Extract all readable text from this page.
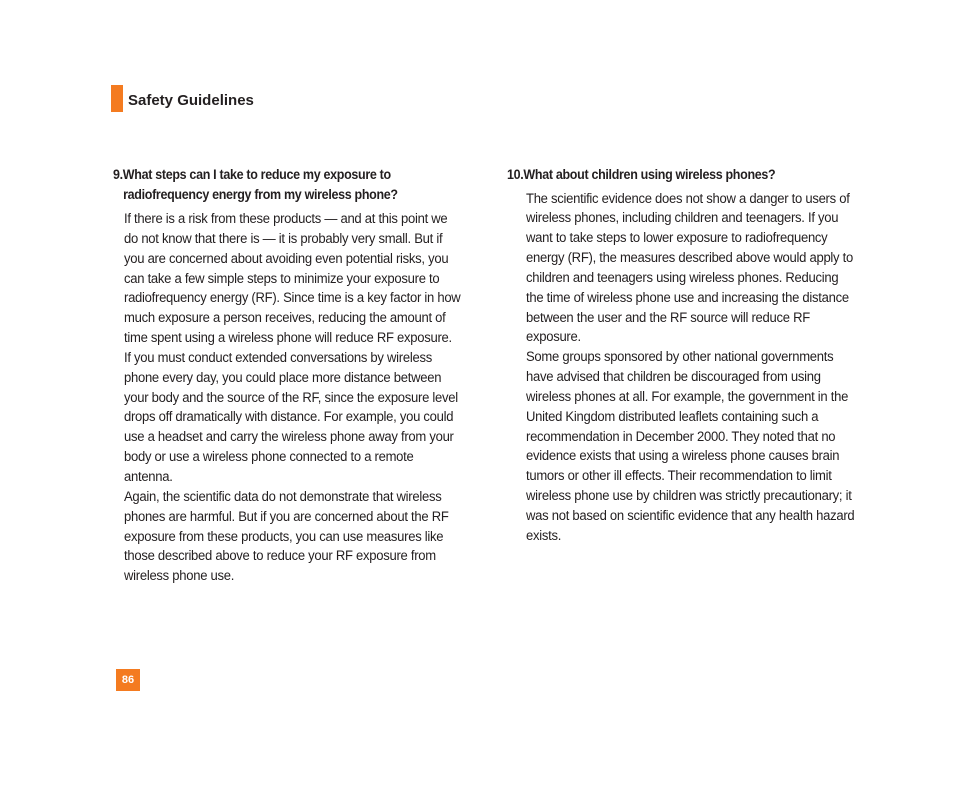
Safety Guidelines
9.What steps can I take to reduce my exposure to
radiofrequency energy from my wireless phone?

If there is a risk from these products — and at this point we do not know that there is — it is probably very small. But if you are concerned about avoiding even potential risks, you can take a few simple steps to minimize your exposure to radiofrequency energy (RF). Since time is a key factor in how much exposure a person receives, reducing the amount of time spent using a wireless phone will reduce RF exposure.

If you must conduct extended conversations by wireless phone every day, you could place more distance between your body and the source of the RF, since the exposure level drops off dramatically with distance. For example, you could use a headset and carry the wireless phone away from your body or use a wireless phone connected to a remote antenna.

Again, the scientific data do not demonstrate that wireless phones are harmful. But if you are concerned about the RF exposure from these products, you can use measures like those described above to reduce your RF exposure from wireless phone use.

10.What about children using wireless phones?

The scientific evidence does not show a danger to users of wireless phones, including children and teenagers. If you want to take steps to lower exposure to radiofrequency energy (RF), the measures described above would apply to children and teenagers using wireless phones. Reducing the time of wireless phone use and increasing the distance between the user and the RF source will reduce RF exposure.

Some groups sponsored by other national governments have advised that children be discouraged from using wireless phones at all. For example, the government in the United Kingdom distributed leaflets containing such a recommendation in December 2000. They noted that no evidence exists that using a wireless phone causes brain tumors or other ill effects. Their recommendation to limit wireless phone use by children was strictly precautionary; it was not based on scientific evidence that any health hazard exists.

86
